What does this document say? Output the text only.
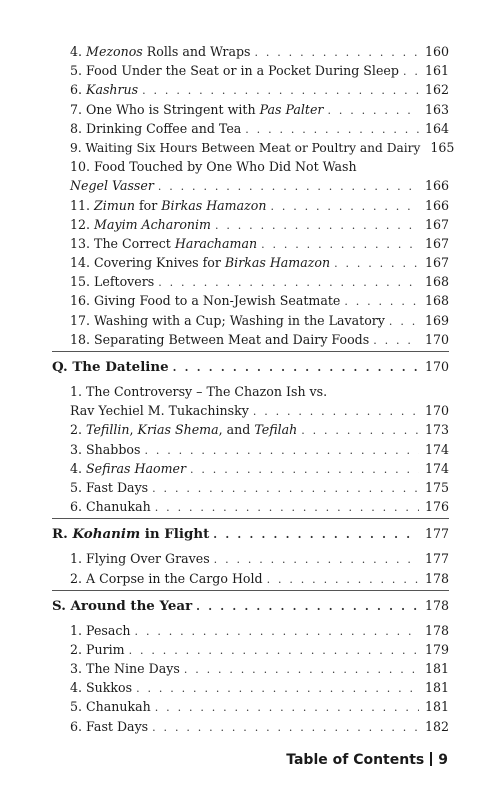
4. Mezonos Rolls and Wraps . . .	160
5. Food Under the Seat or in a Pocket During Sleep . . . 161
6. Kashrus . . .	162
7. One Who is Stringent with Pas Palter . . .	163
8. Drinking Coffee and Tea . . .	164
9. Waiting Six Hours Between Meat or Poultry and Dairy 165
10. Food Touched by One Who Did Not Wash
Negel Vasser . . .	166
11. Zimun for Birkas Hamazon . . .	166
12. Mayim Acharonim . . .	167
13. The Correct Harachaman . . .	167
14. Covering Knives for Birkas Hamazon . . .	167
15. Leftovers . . .	168
16. Giving Food to a Non-Jewish Seatmate . . .	168
17. Washing with a Cup; Washing in the Lavatory . . .	169
18. Separating Between Meat and Dairy Foods . . .	170
Q. The Dateline . . .	170
1. The Controversy – The Chazon Ish vs.
Rav Yechiel M. Tukachinsky . . .	170
2. Tefillin, Krias Shema, and Tefilah . . .	173
3. Shabbos . . .	174
4. Sefiras Haomer . . .	174
5. Fast Days . . .	175
6. Chanukah . . .	176
R. Kohanim in Flight . . .	177
1. Flying Over Graves . . .	177
2. A Corpse in the Cargo Hold . . .	178
S. Around the Year . . .	178
1. Pesach . . .	178
2. Purim . . .	179
3. The Nine Days . . .	181
4. Sukkos . . .	181
5. Chanukah . . .	181
6. Fast Days . . .	182
Table of Contents 9
